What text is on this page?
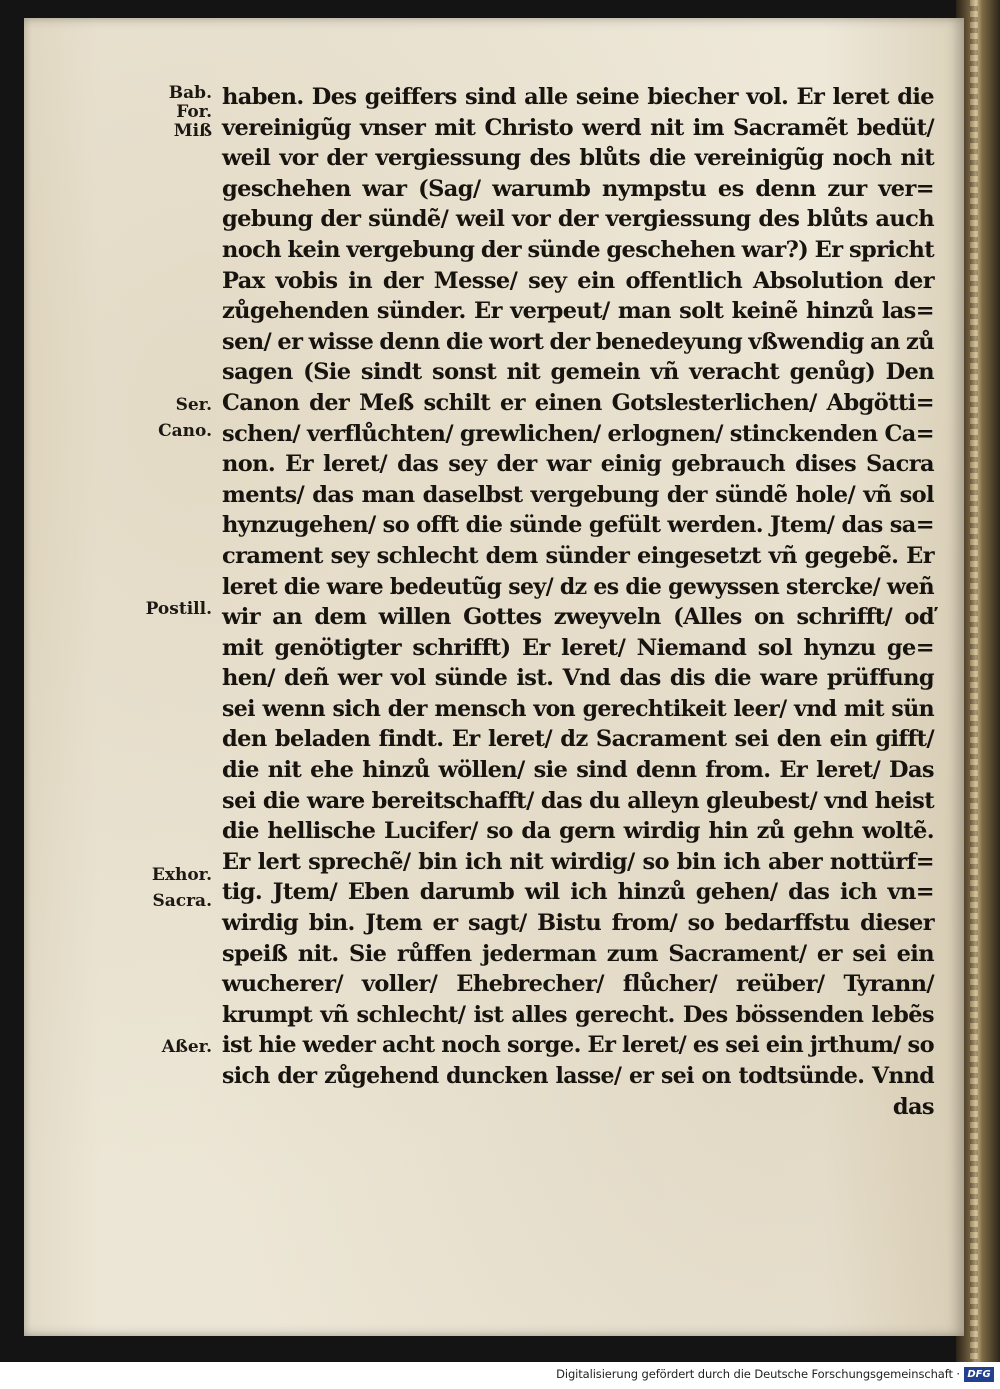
Bab.
For.
Miß
Ser.
Cano.
Postill.
Exhor.
Sacra.
Aßer.
haben. Des geiffers sind alle seine biecher vol. Er leret die
vereinigũg vnser mit Christo werd nit im Sacramẽt bedüt/
weil vor der vergiessung des blůts die vereinigũg noch nit
geschehen war (Sag/ warumb nympstu es denn zur ver=
gebung der sündẽ/ weil vor der vergiessung des blůts auch
noch kein vergebung der sünde geschehen war?) Er spricht
Pax vobis in der Messe/ sey ein offentlich Absolution der
zůgehenden sünder. Er verpeut/ man solt keinẽ hinzů las=
sen/ er wisse denn die wort der benedeyung vßwendig an zů
sagen (Sie sindt sonst nit gemein vñ veracht genůg) Den
Canon der Meß schilt er einen Gotslesterlichen/ Abgötti=
schen/ verflůchten/ grewlichen/ erlognen/ stinckenden Ca=
non. Er leret/ das sey der war einig gebrauch dises Sacra
ments/ das man daselbst vergebung der sündẽ hole/ vñ sol
hynzugehen/ so offt die sünde gefült werden. Jtem/ das sa=
crament sey schlecht dem sünder eingesetzt vñ gegebẽ. Er
leret die ware bedeutũg sey/ dz es die gewyssen stercke/ weñ
wir an dem willen Gottes zweyveln (Alles on schrifft/ oď
mit genötigter schrifft) Er leret/ Niemand sol hynzu ge=
hen/ deñ wer vol sünde ist. Vnd das dis die ware prüffung
sei wenn sich der mensch von gerechtikeit leer/ vnd mit sün
den beladen findt. Er leret/ dz Sacrament sei den ein gifft/
die nit ehe hinzů wöllen/ sie sind denn from. Er leret/ Das
sei die ware bereitschafft/ das du alleyn gleubest/ vnd heist
die hellische Lucifer/ so da gern wirdig hin zů gehn woltẽ.
Er lert sprechẽ/ bin ich nit wirdig/ so bin ich aber nottürf=
tig. Jtem/ Eben darumb wil ich hinzů gehen/ das ich vn=
wirdig bin. Jtem er sagt/ Bistu from/ so bedarffstu dieser
speiß nit. Sie růffen jederman zum Sacrament/ er sei ein
wucherer/ voller/ Ehebrecher/ flůcher/ reüber/ Tyrann/
krumpt vñ schlecht/ ist alles gerecht. Des bössenden lebẽs
ist hie weder acht noch sorge. Er leret/ es sei ein jrthum/ so
sich der zůgehend duncken lasse/ er sei on todtsünde. Vnnd
das
Digitalisierung gefördert durch die Deutsche Forschungsgemeinschaft · DFG
